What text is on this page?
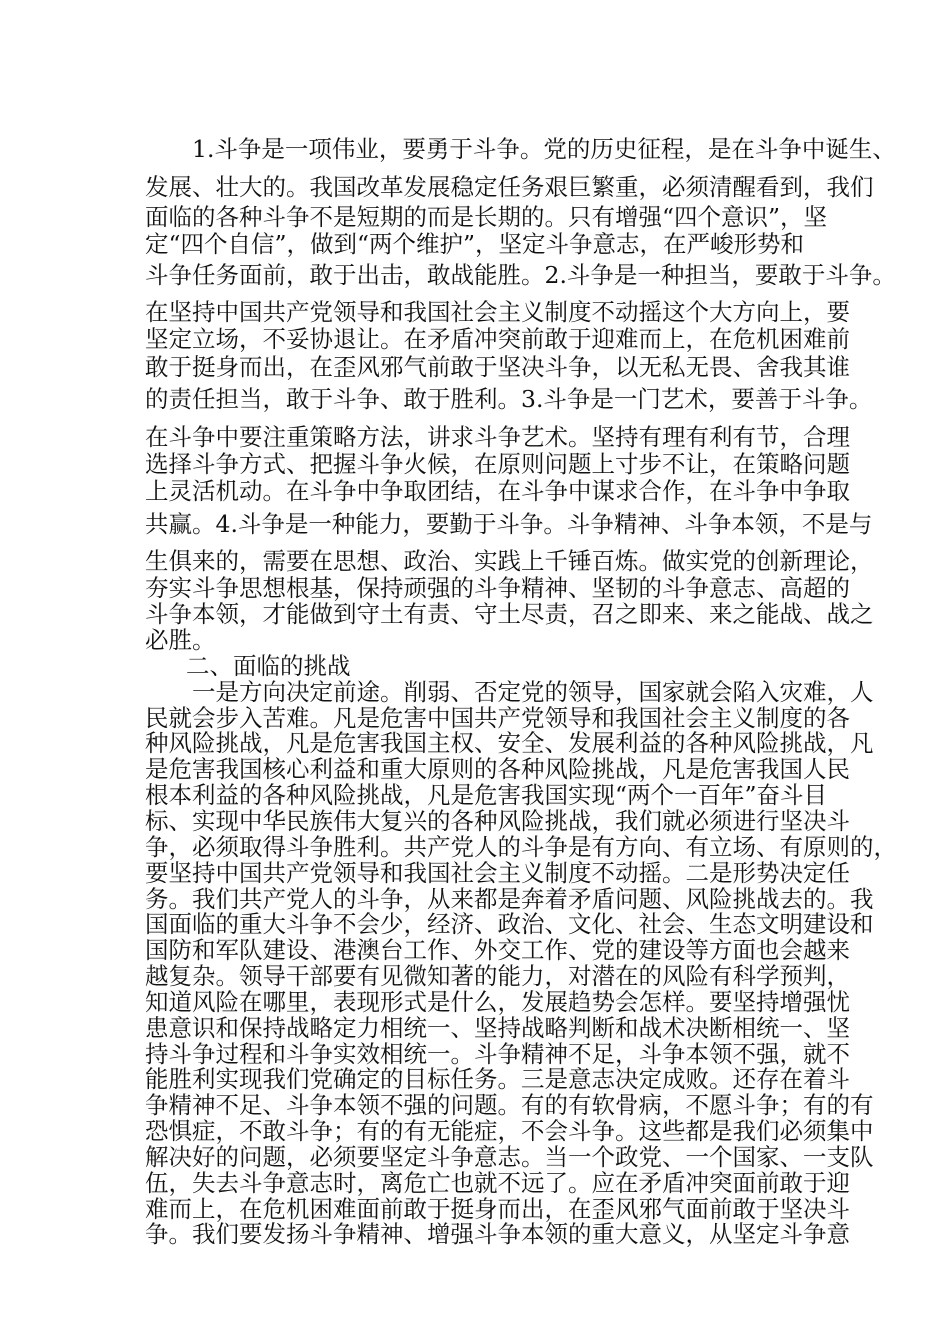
1.斗争是一项伟业，要勇于斗争。党的历史征程，是在斗争中诞生、
发展、壮大的。我国改革发展稳定任务艰巨繁重，必须清醒看到，我们
面临的各种斗争不是短期的而是长期的。只有增强“四个意识”，坚
定“四个自信”，做到“两个维护”，坚定斗争意志，在严峻形势和
斗争任务面前，敢于出击，敢战能胜。2.斗争是一种担当，要敢于斗争。
在坚持中国共产党领导和我国社会主义制度不动摇这个大方向上，要
坚定立场，不妥协退让。在矛盾冲突前敢于迎难而上，在危机困难前
敢于挺身而出，在歪风邪气前敢于坚决斗争，以无私无畏、舍我其谁
的责任担当，敢于斗争、敢于胜利。3.斗争是一门艺术，要善于斗争。
在斗争中要注重策略方法，讲求斗争艺术。坚持有理有利有节，合理
选择斗争方式、把握斗争火候，在原则问题上寸步不让，在策略问题
上灵活机动。在斗争中争取团结，在斗争中谋求合作，在斗争中争取
共赢。4.斗争是一种能力，要勤于斗争。斗争精神、斗争本领，不是与
生俱来的，需要在思想、政治、实践上千锤百炼。做实党的创新理论，
夯实斗争思想根基，保持顽强的斗争精神、坚韧的斗争意志、高超的
斗争本领，才能做到守土有责、守土尽责，召之即来、来之能战、战之
必胜。
二、面临的挑战
一是方向决定前途。削弱、否定党的领导，国家就会陷入灾难，人
民就会步入苦难。凡是危害中国共产党领导和我国社会主义制度的各
种风险挑战，凡是危害我国主权、安全、发展利益的各种风险挑战，凡
是危害我国核心利益和重大原则的各种风险挑战，凡是危害我国人民
根本利益的各种风险挑战，凡是危害我国实现“两个一百年”奋斗目
标、实现中华民族伟大复兴的各种风险挑战，我们就必须进行坚决斗
争，必须取得斗争胜利。共产党人的斗争是有方向、有立场、有原则的，
要坚持中国共产党领导和我国社会主义制度不动摇。二是形势决定任
务。我们共产党人的斗争，从来都是奔着矛盾问题、风险挑战去的。我
国面临的重大斗争不会少，经济、政治、文化、社会、生态文明建设和
国防和军队建设、港澳台工作、外交工作、党的建设等方面也会越来
越复杂。领导干部要有见微知著的能力，对潜在的风险有科学预判，
知道风险在哪里，表现形式是什么，发展趋势会怎样。要坚持增强忧
患意识和保持战略定力相统一、坚持战略判断和战术决断相统一、坚
持斗争过程和斗争实效相统一。斗争精神不足，斗争本领不强，就不
能胜利实现我们党确定的目标任务。三是意志决定成败。还存在着斗
争精神不足、斗争本领不强的问题。有的有软骨病，不愿斗争；有的有
恐惧症，不敢斗争；有的有无能症，不会斗争。这些都是我们必须集中
解决好的问题，必须要坚定斗争意志。当一个政党、一个国家、一支队
伍，失去斗争意志时，离危亡也就不远了。应在矛盾冲突面前敢于迎
难而上，在危机困难面前敢于挺身而出，在歪风邪气面前敢于坚决斗
争。我们要发扬斗争精神、增强斗争本领的重大意义，从坚定斗争意
